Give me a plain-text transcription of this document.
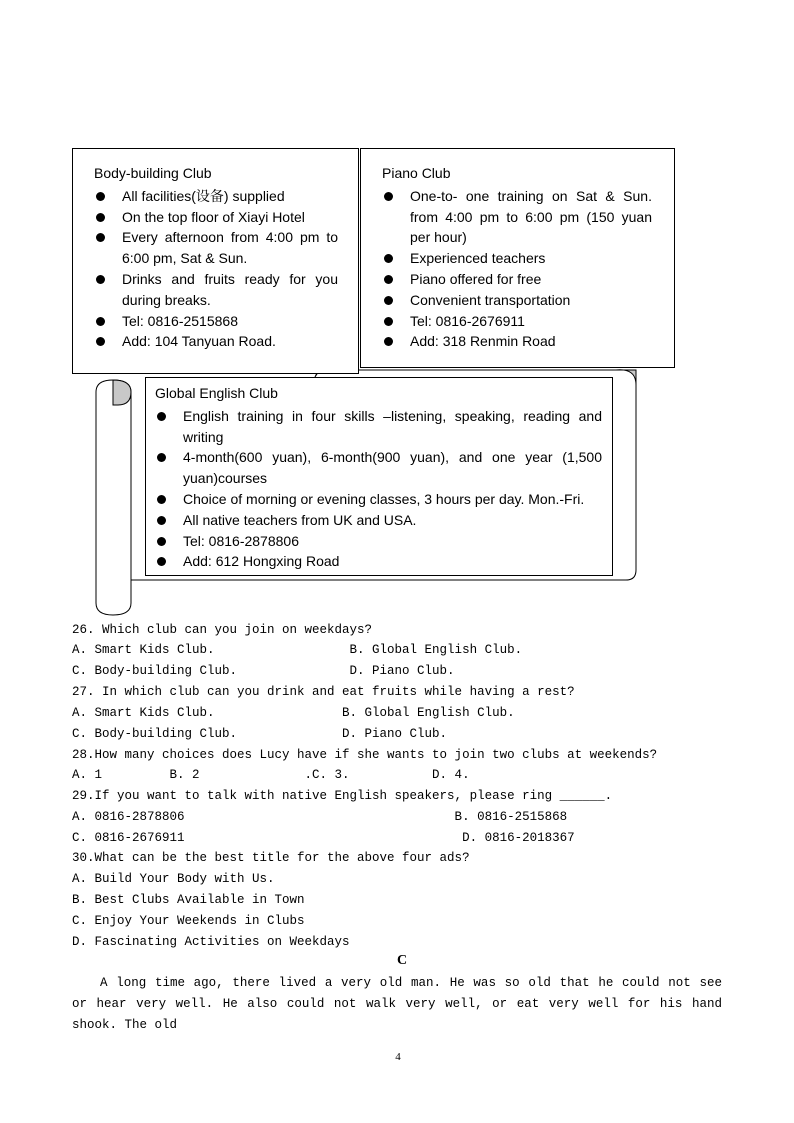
Body-building Club
All facilities(设备) supplied
On the top floor of Xiayi Hotel
Every afternoon from 4:00 pm to 6:00 pm, Sat & Sun.
Drinks and fruits ready for you during breaks.
Tel: 0816-2515868
Add: 104 Tanyuan Road.
Piano Club
One-to- one training on Sat & Sun. from 4:00 pm to 6:00 pm (150 yuan per hour)
Experienced teachers
Piano offered for free
Convenient transportation
Tel: 0816-2676911
Add: 318 Renmin Road
Global English Club
English training in four skills –listening, speaking, reading and writing
4-month(600 yuan), 6-month(900 yuan), and one year (1,500 yuan)courses
Choice of morning or evening classes, 3 hours per day. Mon.-Fri.
All native teachers from UK and USA.
Tel: 0816-2878806
Add: 612 Hongxing Road
26. Which club can you join on weekdays?
A. Smart Kids Club.                  B. Global English Club.
C. Body-building Club.               D. Piano Club.
27. In which club can you drink and eat fruits while having a rest?
A. Smart Kids Club.                 B. Global English Club.
C. Body-building Club.              D. Piano Club.
28.How many choices does Lucy have if she wants to join two clubs at weekends?
A. 1         B. 2              .C. 3.           D. 4.
29.If you want to talk with native English speakers, please ring ______.
A. 0816-2878806                                    B. 0816-2515868
C. 0816-2676911                                     D. 0816-2018367
30.What can be the best title for the above four ads?
A. Build Your Body with Us.
B. Best Clubs Available in Town
C. Enjoy Your Weekends in Clubs
D. Fascinating Activities on Weekdays
C
A long time ago, there lived a very old man. He was so old that he could not see or hear very well. He also could not walk very well, or eat very well for his hand shook. The old
4
